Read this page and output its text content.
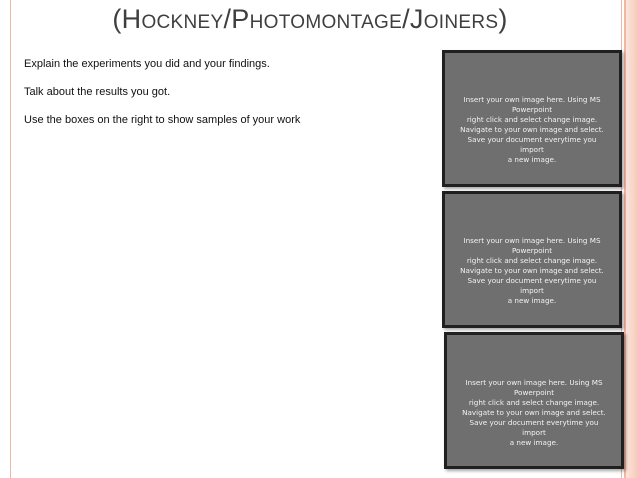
(Hockney/Photomontage/Joiners)

Explain the experiments you did and your findings.

Talk about the results you got.

Use the boxes on the right to show samples of your work

Insert your own image here. Using MS Powerpoint
right click and select change image.
Navigate to your own image and select.
Save your document everytime you import
a new image.
Insert your own image here. Using MS Powerpoint
right click and select change image.
Navigate to your own image and select.
Save your document everytime you import
a new image.
Insert your own image here. Using MS Powerpoint
right click and select change image.
Navigate to your own image and select.
Save your document everytime you import
a new image.
